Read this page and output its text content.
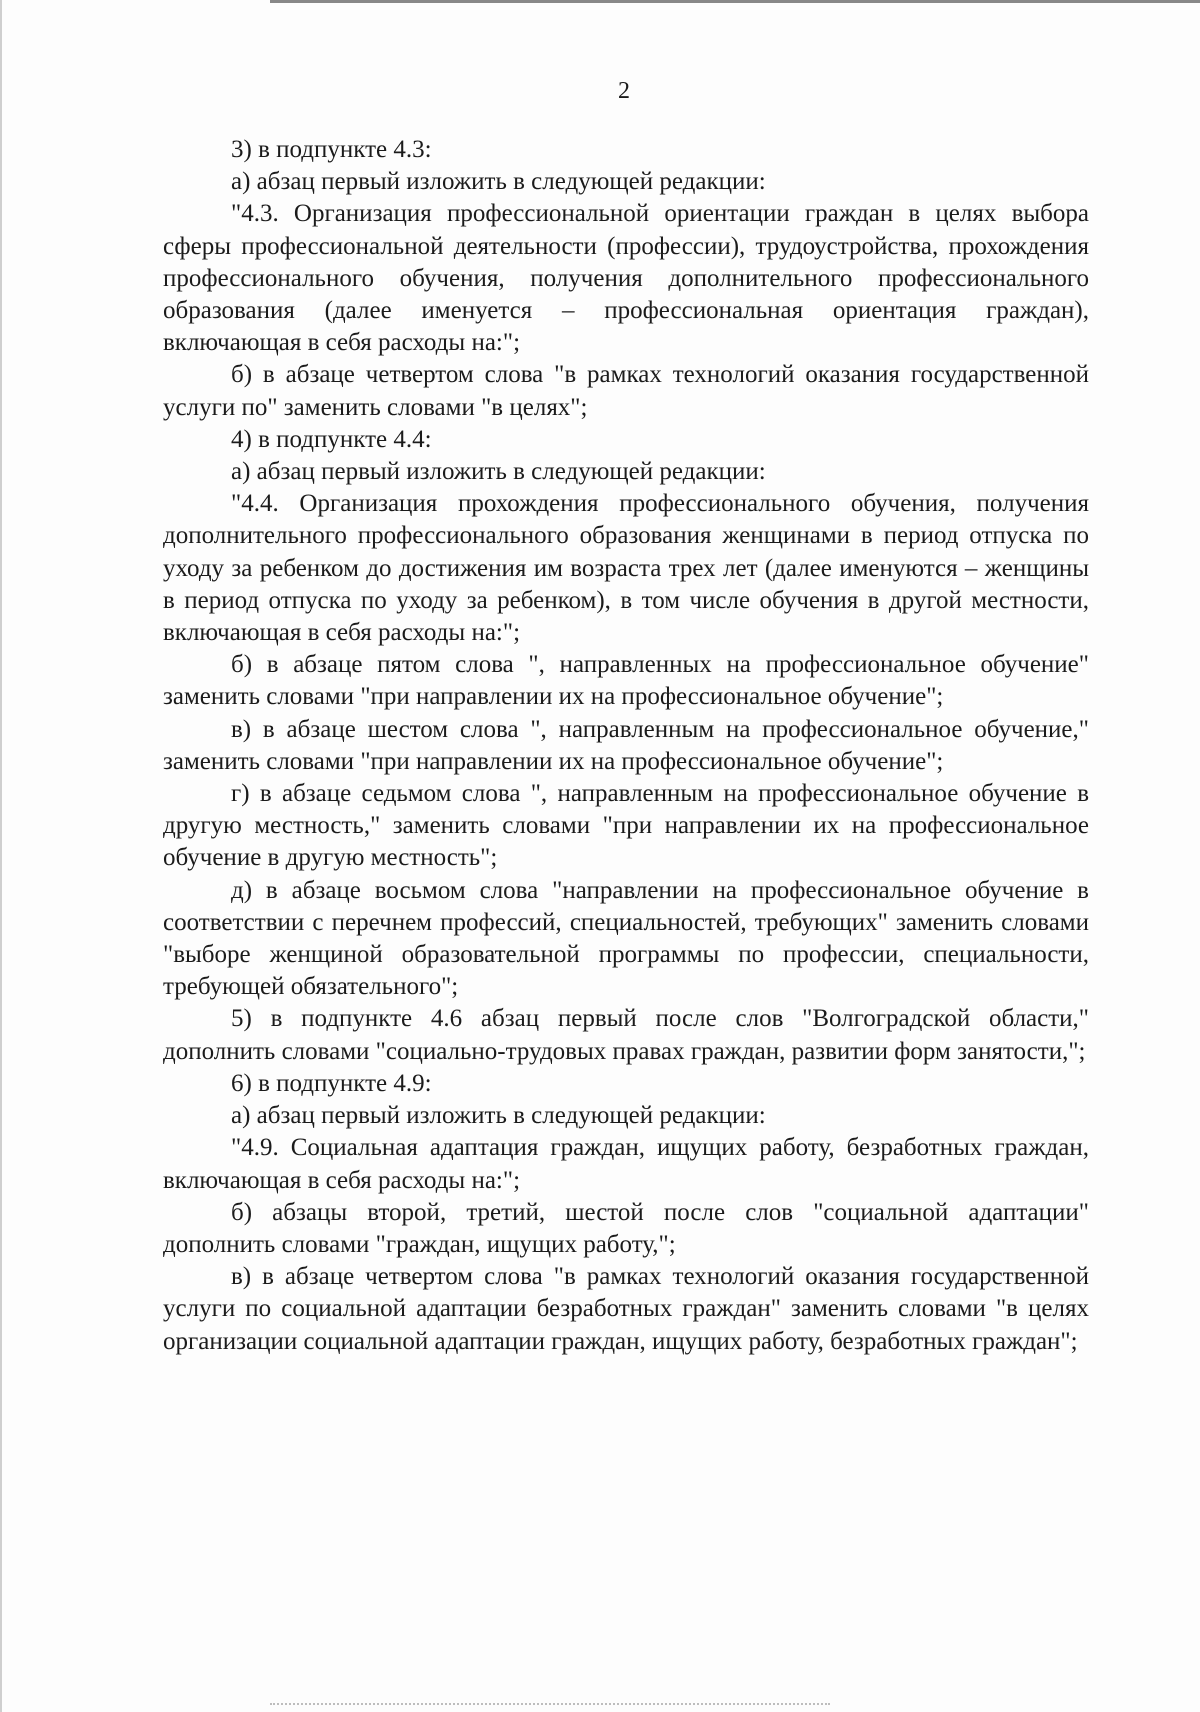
2

3) в подпункте 4.3:

а) абзац первый изложить в следующей редакции:

"4.3. Организация профессиональной ориентации граждан в целях выбора сферы профессиональной деятельности (профессии), трудоустройства, прохождения профессионального обучения, получения дополнительного профессионального образования (далее именуется – профессиональная ориентация граждан), включающая в себя расходы на:";

б) в абзаце четвертом слова "в рамках технологий оказания государственной услуги по" заменить словами "в целях";

4) в подпункте 4.4:

а) абзац первый изложить в следующей редакции:

"4.4. Организация прохождения профессионального обучения, получения дополнительного профессионального образования женщинами в период отпуска по уходу за ребенком до достижения им возраста трех лет (далее именуются – женщины в период отпуска по уходу за ребенком), в том числе обучения в другой местности, включающая в себя расходы на:";

б) в абзаце пятом слова ", направленных на профессиональное обучение" заменить словами "при направлении их на профессиональное обучение";

в) в абзаце шестом слова ", направленным на профессиональное обучение," заменить словами "при направлении их на профессиональное обучение";

г) в абзаце седьмом слова ", направленным на профессиональное обучение в другую местность," заменить словами "при направлении их на профессиональное обучение в другую местность";

д) в абзаце восьмом слова "направлении на профессиональное обучение в соответствии с перечнем профессий, специальностей, требующих" заменить словами "выборе женщиной образовательной программы по профессии, специальности, требующей обязательного";

5) в подпункте 4.6 абзац первый после слов "Волгоградской области," дополнить словами "социально-трудовых правах граждан, развитии форм занятости,";

6) в подпункте 4.9:

а) абзац первый изложить в следующей редакции:

"4.9. Социальная адаптация граждан, ищущих работу, безработных граждан, включающая в себя расходы на:";

б) абзацы второй, третий, шестой после слов "социальной адаптации" дополнить словами "граждан, ищущих работу,";

в) в абзаце четвертом слова "в рамках технологий оказания государственной услуги по социальной адаптации безработных граждан" заменить словами "в целях организации социальной адаптации граждан, ищущих работу, безработных граждан";
